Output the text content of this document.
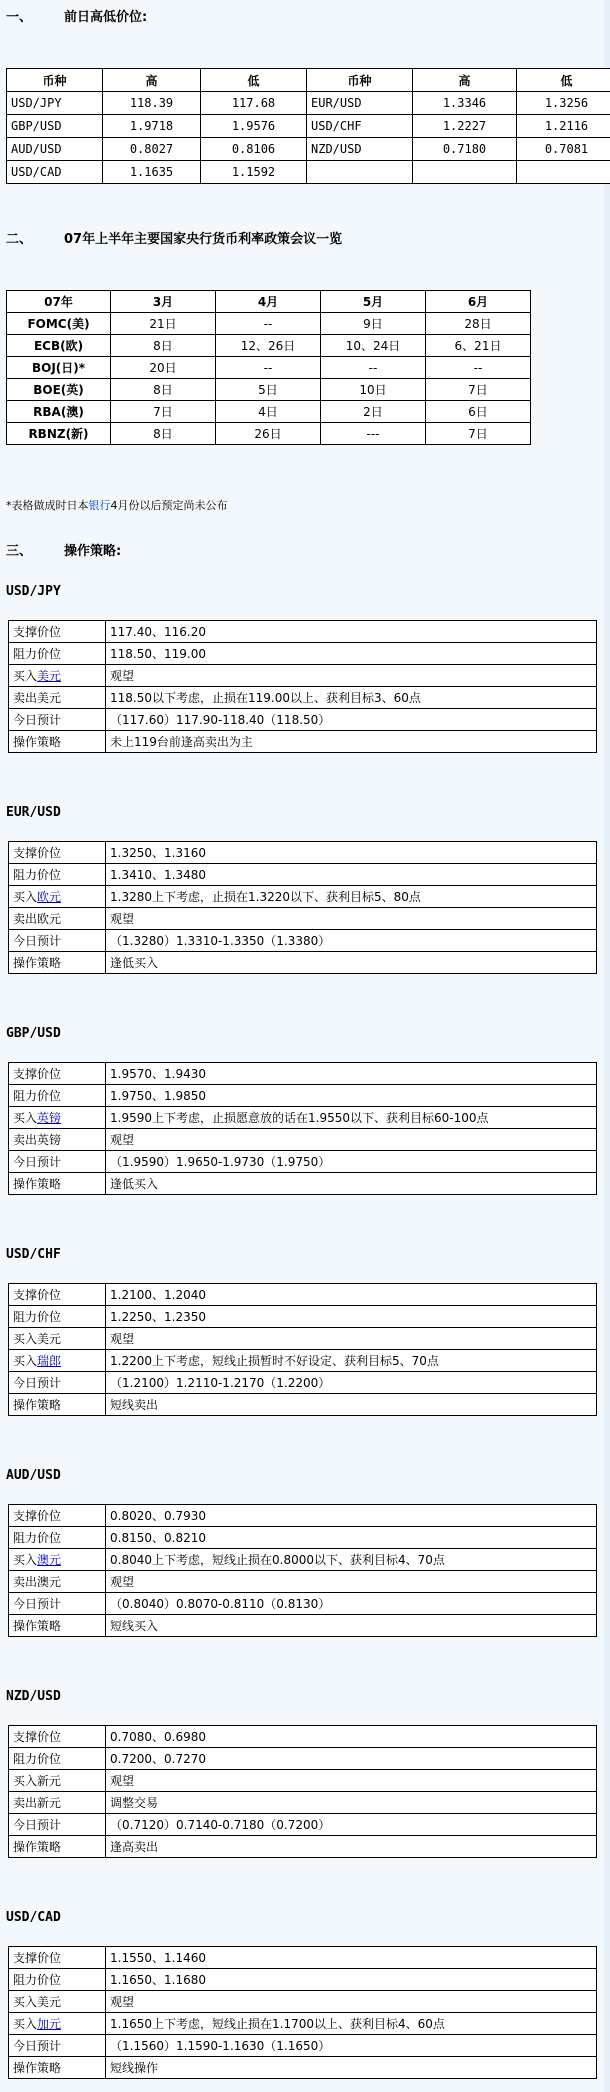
一、 前日高低价位:
币种	高	低	币种	高	低
USD/JPY	118.39	117.68	EUR/USD	1.3346	1.3256
GBP/USD	1.9718	1.9576	USD/CHF	1.2227	1.2116
AUD/USD	0.8027	0.8106	NZD/USD	0.7180	0.7081
USD/CAD	1.1635	1.1592			
二、 07年上半年主要国家央行货币利率政策会议一览
07年	3月	4月	5月	6月
FOMC(美)	21日	--	9日	28日
ECB(欧)	8日	12、26日	10、24日	6、21日
BOJ(日)*	20日	--	--	--
BOE(英)	8日	5日	10日	7日
RBA(澳)	7日	4日	2日	6日
RBNZ(新)	8日	26日	---	7日
*表格做成时日本银行4月份以后预定尚未公布
三、 操作策略:
USD/JPY
支撑价位	117.40、116.20
阻力价位	118.50、119.00
买入美元	观望
卖出美元	118.50以下考虑，止损在119.00以上、获利目标3、60点
今日预计	（117.60）117.90-118.40（118.50）
操作策略	未上119台前逢高卖出为主
EUR/USD
支撑价位	1.3250、1.3160
阻力价位	1.3410、1.3480
买入欧元	1.3280上下考虑，止损在1.3220以下、获利目标5、80点
卖出欧元	观望
今日预计	（1.3280）1.3310-1.3350（1.3380）
操作策略	逢低买入
GBP/USD
支撑价位	1.9570、1.9430
阻力价位	1.9750、1.9850
买入英镑	1.9590上下考虑，止损愿意放的话在1.9550以下、获利目标60-100点
卖出英镑	观望
今日预计	（1.9590）1.9650-1.9730（1.9750）
操作策略	逢低买入
USD/CHF
支撑价位	1.2100、1.2040
阻力价位	1.2250、1.2350
买入美元	观望
买入瑞郎	1.2200上下考虑，短线止损暂时不好设定、获利目标5、70点
今日预计	（1.2100）1.2110-1.2170（1.2200）
操作策略	短线卖出
AUD/USD
支撑价位	0.8020、0.7930
阻力价位	0.8150、0.8210
买入澳元	0.8040上下考虑，短线止损在0.8000以下、获利目标4、70点
卖出澳元	观望
今日预计	（0.8040）0.8070-0.8110（0.8130）
操作策略	短线买入
NZD/USD
支撑价位	0.7080、0.6980
阻力价位	0.7200、0.7270
买入新元	观望
卖出新元	调整交易
今日预计	（0.7120）0.7140-0.7180（0.7200）
操作策略	逢高卖出
USD/CAD
支撑价位	1.1550、1.1460
阻力价位	1.1650、1.1680
买入美元	观望
买入加元	1.1650上下考虑，短线止损在1.1700以上、获利目标4、60点
今日预计	（1.1560）1.1590-1.1630（1.1650）
操作策略	短线操作
